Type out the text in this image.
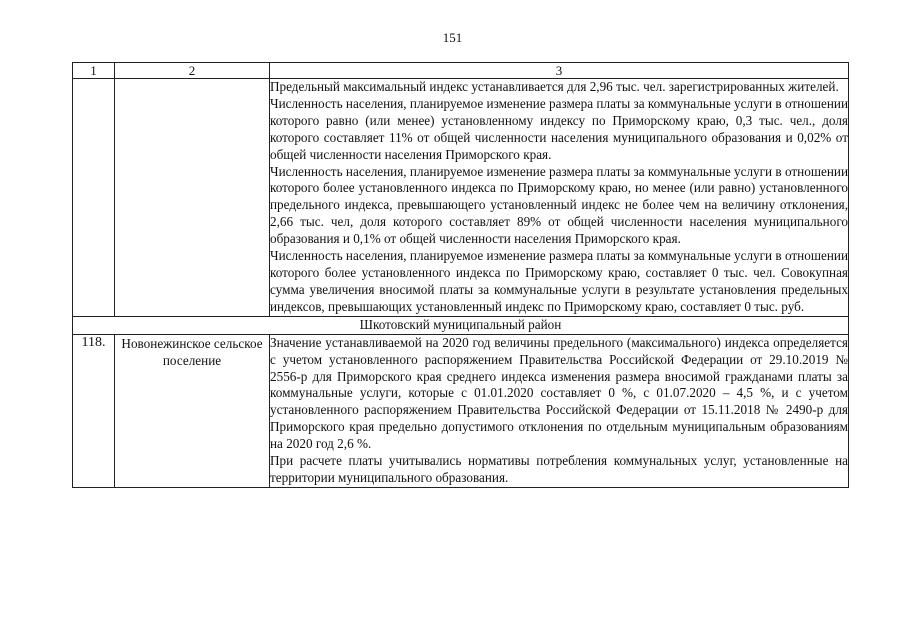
151
1	2	3

		Предельный максимальный индекс устанавливается для 2,96 тыс. чел. зарегистрированных жителей.

Численность населения, планируемое изменение размера платы за коммунальные услуги в отношении которого равно (или менее) установленному индексу по Приморскому краю, 0,3 тыс. чел., доля которого составляет 11% от общей численности населения муниципального образования и 0,02% от общей численности населения Приморского края.

Численность населения, планируемое изменение размера платы за коммунальные услуги в отношении которого более установленного индекса по Приморскому краю, но менее (или равно) установленного предельного индекса, превышающего установленный индекс не более чем на величину отклонения, 2,66 тыс. чел, доля которого составляет 89% от общей численности населения муниципального образования и 0,1% от общей численности населения Приморского края.

Численность населения, планируемое изменение размера платы за коммунальные услуги в отношении которого более установленного индекса по Приморскому краю, составляет 0 тыс. чел. Совокупная сумма увеличения вносимой платы за коммунальные услуги в результате установления предельных индексов, превышающих установленный индекс по Приморскому краю, составляет 0 тыс. руб.

Шкотовский муниципальный район		
118.	Новонежинское сельское поселение	Значение устанавливаемой на 2020 год величины предельного (максимального) индекса определяется с учетом установленного распоряжением Правительства Российской Федерации от 29.10.2019 № 2556-р для Приморского края среднего индекса изменения размера вносимой гражданами платы за коммунальные услуги, которые с 01.01.2020 составляет 0 %, с 01.07.2020 – 4,5 %, и с учетом установленного распоряжением Правительства Российской Федерации от 15.11.2018 № 2490-р для Приморского края предельно допустимого отклонения по отдельным муниципальным образованиям на 2020 год 2,6 %.

При расчете платы учитывались нормативы потребления коммунальных услуг, установленные на территории муниципального образования.
